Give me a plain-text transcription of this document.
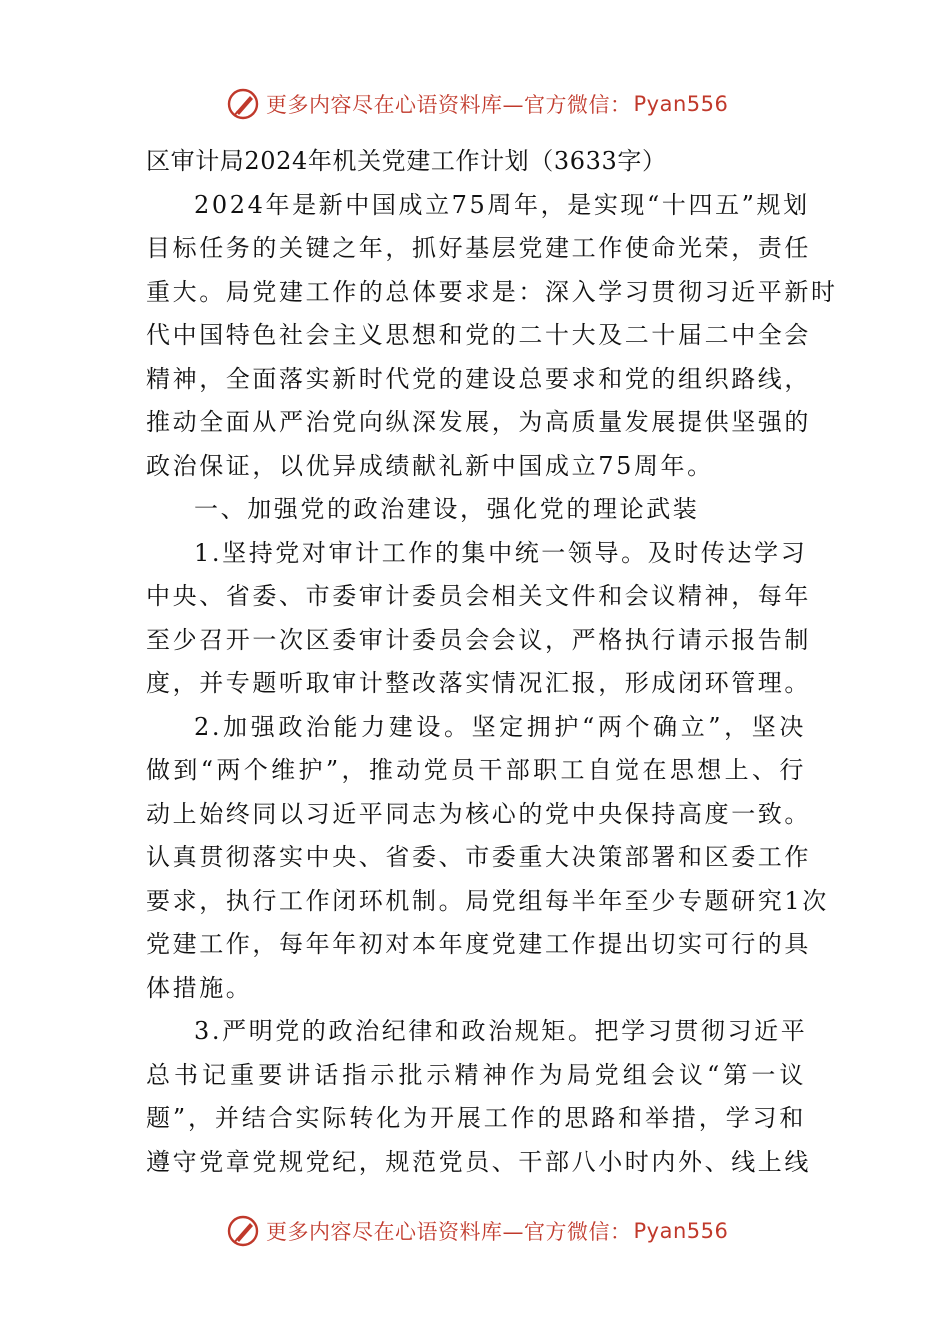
更多内容尽在心语资料库—官方微信： Pyan556
区审计局2024年机关党建工作计划（3633字）
2024年是新中国成立75周年，是实现“十四五”规划
目标任务的关键之年，抓好基层党建工作使命光荣，责任
重大。局党建工作的总体要求是：深入学习贯彻习近平新时
代中国特色社会主义思想和党的二十大及二十届二中全会
精神，全面落实新时代党的建设总要求和党的组织路线，
推动全面从严治党向纵深发展，为高质量发展提供坚强的
政治保证，以优异成绩献礼新中国成立75周年。
一、加强党的政治建设，强化党的理论武装
1.坚持党对审计工作的集中统一领导。及时传达学习
中央、省委、市委审计委员会相关文件和会议精神，每年
至少召开一次区委审计委员会会议，严格执行请示报告制
度，并专题听取审计整改落实情况汇报，形成闭环管理。
2.加强政治能力建设。坚定拥护“两个确立”，坚决
做到“两个维护”，推动党员干部职工自觉在思想上、行
动上始终同以习近平同志为核心的党中央保持高度一致。
认真贯彻落实中央、省委、市委重大决策部署和区委工作
要求，执行工作闭环机制。局党组每半年至少专题研究1次
党建工作，每年年初对本年度党建工作提出切实可行的具
体措施。
3.严明党的政治纪律和政治规矩。把学习贯彻习近平
总书记重要讲话指示批示精神作为局党组会议“第一议
题”，并结合实际转化为开展工作的思路和举措，学习和
遵守党章党规党纪，规范党员、干部八小时内外、线上线
更多内容尽在心语资料库—官方微信： Pyan556
